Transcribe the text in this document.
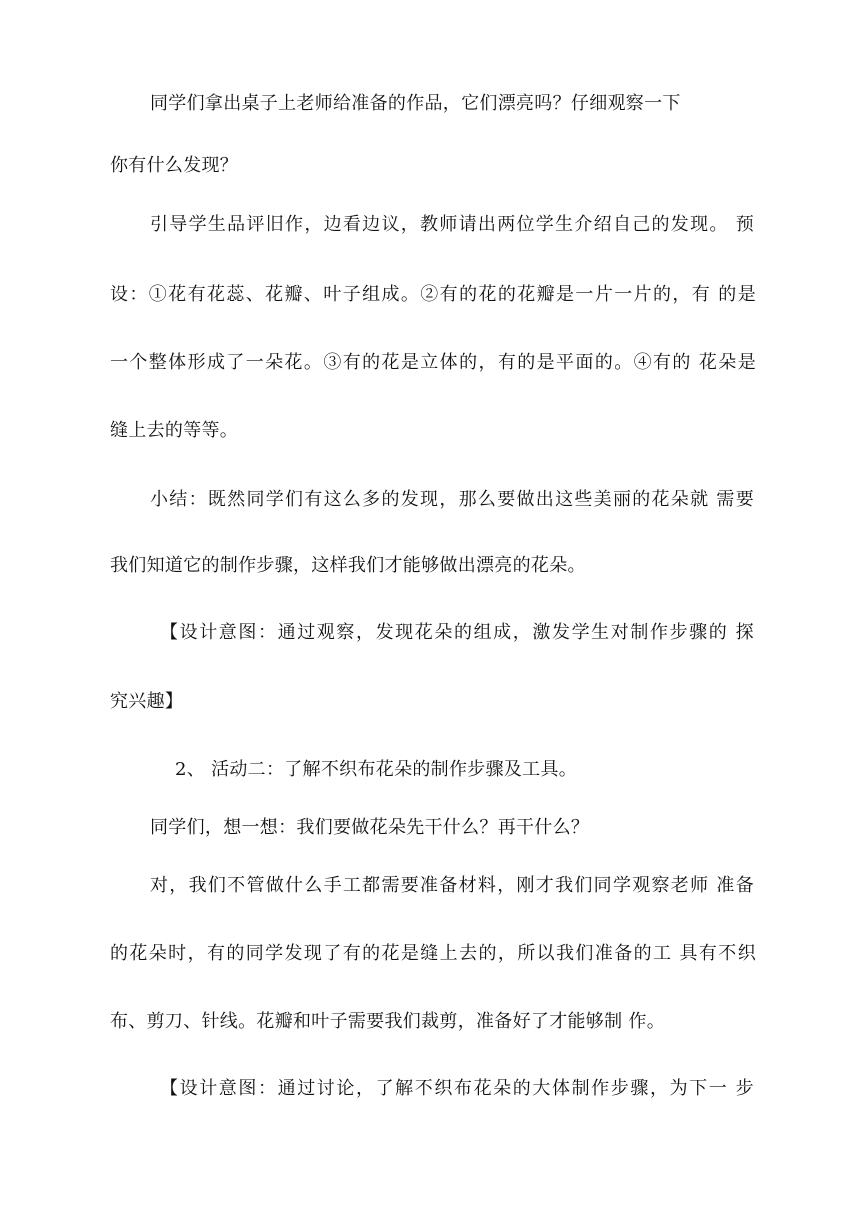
同学们拿出桌子上老师给准备的作品，它们漂亮吗？仔细观察一下

你有什么发现？

引导学生品评旧作，边看边议，教师请出两位学生介绍自己的发现。 预

设：①花有花蕊、花瓣、叶子组成。②有的花的花瓣是一片一片的，有 的是

一个整体形成了一朵花。③有的花是立体的，有的是平面的。④有的 花朵是

缝上去的等等。

小结：既然同学们有这么多的发现，那么要做出这些美丽的花朵就 需要

我们知道它的制作步骤，这样我们才能够做出漂亮的花朵。

【设计意图：通过观察，发现花朵的组成，激发学生对制作步骤的 探

究兴趣】

2、 活动二：了解不织布花朵的制作步骤及工具。

同学们，想一想：我们要做花朵先干什么？再干什么？

对，我们不管做什么手工都需要准备材料，刚才我们同学观察老师 准备

的花朵时，有的同学发现了有的花是缝上去的，所以我们准备的工 具有不织

布、剪刀、针线。花瓣和叶子需要我们裁剪，准备好了才能够制 作。

【设计意图：通过讨论，了解不织布花朵的大体制作步骤，为下一 步
